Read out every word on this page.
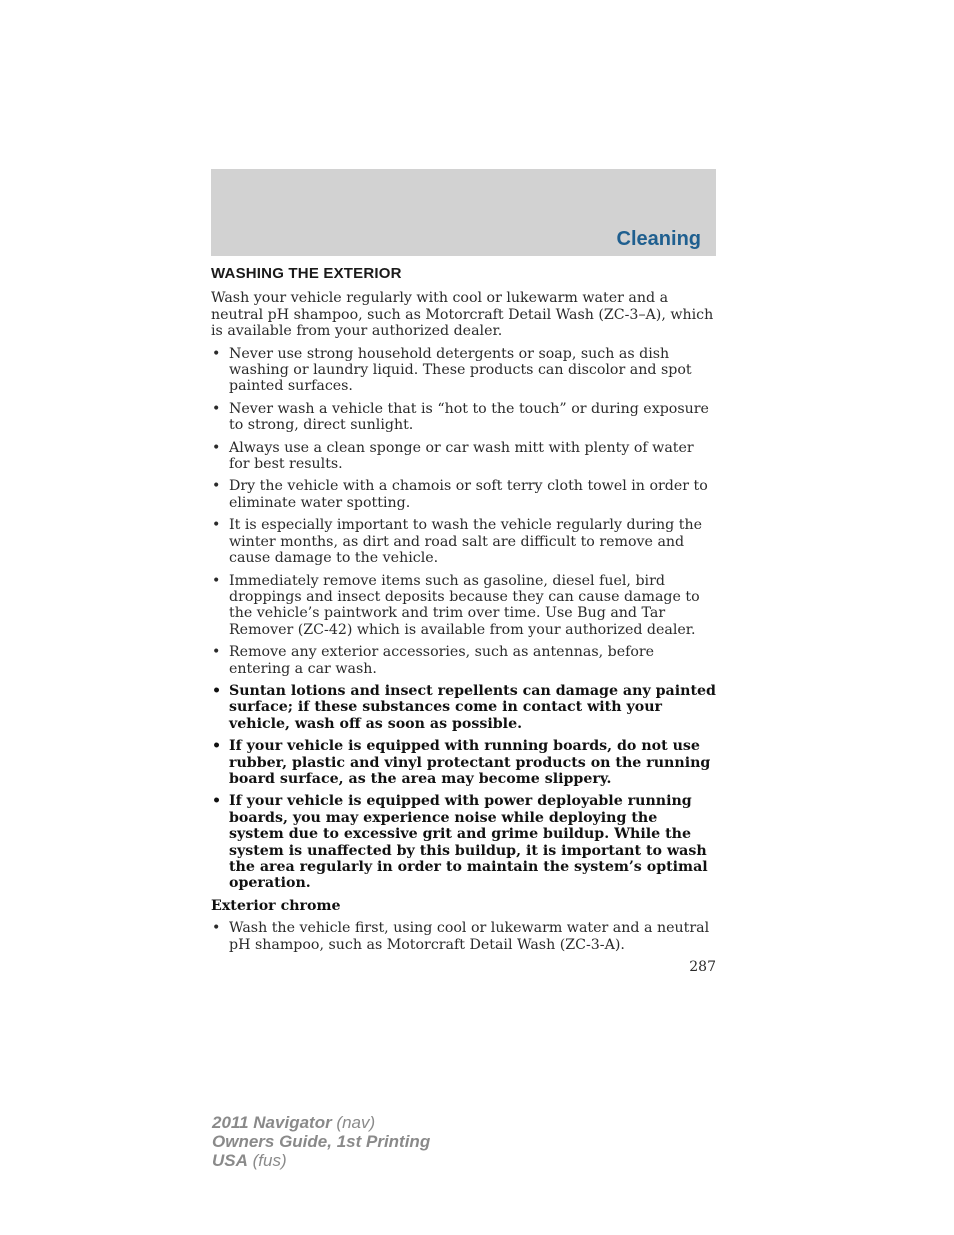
Cleaning
WASHING THE EXTERIOR

Wash your vehicle regularly with cool or lukewarm water and a neutral pH shampoo, such as Motorcraft Detail Wash (ZC-3–A), which is available from your authorized dealer.

• Never use strong household detergents or soap, such as dish washing or laundry liquid. These products can discolor and spot painted surfaces.
• Never wash a vehicle that is “hot to the touch” or during exposure to strong, direct sunlight.
• Always use a clean sponge or car wash mitt with plenty of water for best results.
• Dry the vehicle with a chamois or soft terry cloth towel in order to eliminate water spotting.
• It is especially important to wash the vehicle regularly during the winter months, as dirt and road salt are difficult to remove and cause damage to the vehicle.
• Immediately remove items such as gasoline, diesel fuel, bird droppings and insect deposits because they can cause damage to the vehicle’s paintwork and trim over time. Use Bug and Tar Remover (ZC-42) which is available from your authorized dealer.
• Remove any exterior accessories, such as antennas, before entering a car wash.
• Suntan lotions and insect repellents can damage any painted surface; if these substances come in contact with your vehicle, wash off as soon as possible.
• If your vehicle is equipped with running boards, do not use rubber, plastic and vinyl protectant products on the running board surface, as the area may become slippery.
• If your vehicle is equipped with power deployable running boards, you may experience noise while deploying the system due to excessive grit and grime buildup. While the system is unaffected by this buildup, it is important to wash the area regularly in order to maintain the system’s optimal operation.
Exterior chrome
• Wash the vehicle first, using cool or lukewarm water and a neutral pH shampoo, such as Motorcraft Detail Wash (ZC-3-A).
287
2011 Navigator (nav)
Owners Guide, 1st Printing
USA (fus)
